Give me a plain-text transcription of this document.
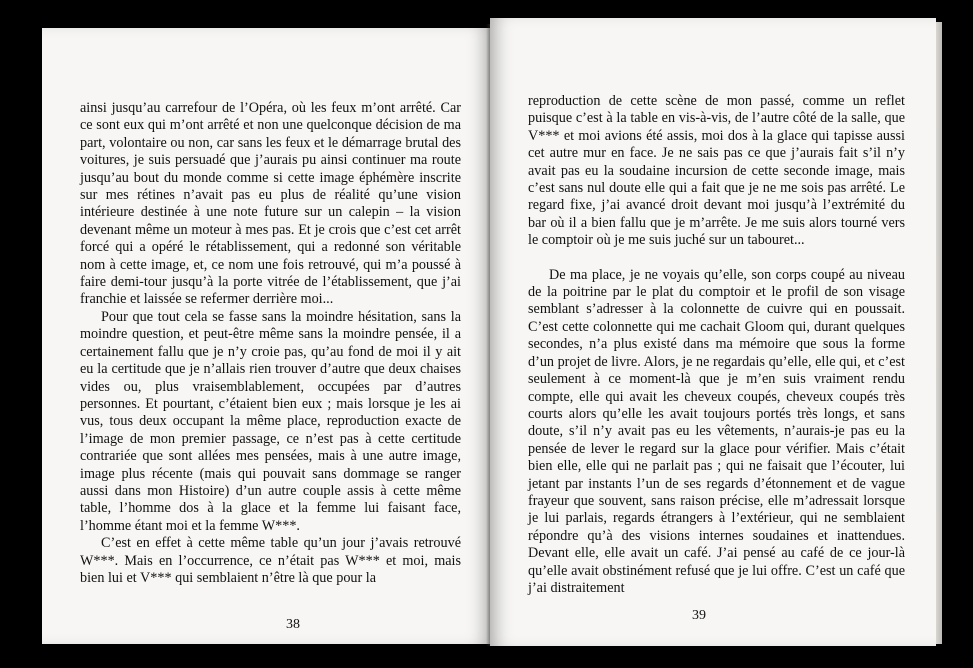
ainsi jusqu’au carrefour de l’Opéra, où les feux m’ont arrêté. Car ce sont eux qui m’ont arrêté et non une quelconque décision de ma part, volontaire ou non, car sans les feux et le démarrage brutal des voitures, je suis persuadé que j’aurais pu ainsi continuer ma route jusqu’au bout du monde comme si cette image éphémère inscrite sur mes rétines n’avait pas eu plus de réalité qu’une vision intérieure destinée à une note future sur un calepin – la vision devenant même un moteur à mes pas. Et je crois que c’est cet arrêt forcé qui a opéré le rétablissement, qui a redonné son véritable nom à cette image, et, ce nom une fois retrouvé, qui m’a poussé à faire demi-tour jusqu’à la porte vitrée de l’établissement, que j’ai franchie et laissée se refermer derrière moi...

Pour que tout cela se fasse sans la moindre hésitation, sans la moindre question, et peut-être même sans la moindre pensée, il a certainement fallu que je n’y croie pas, qu’au fond de moi il y ait eu la certitude que je n’allais rien trouver d’autre que deux chaises vides ou, plus vraisemblablement, occupées par d’autres personnes. Et pourtant, c’étaient bien eux ; mais lorsque je les ai vus, tous deux occupant la même place, reproduction exacte de l’image de mon premier passage, ce n’est pas à cette certitude contrariée que sont allées mes pensées, mais à une autre image, image plus récente (mais qui pouvait sans dommage se ranger aussi dans mon Histoire) d’un autre couple assis à cette même table, l’homme dos à la glace et la femme lui faisant face, l’homme étant moi et la femme W***.

C’est en effet à cette même table qu’un jour j’avais retrouvé W***. Mais en l’occurrence, ce n’était pas W*** et moi, mais bien lui et V*** qui semblaient n’être là que pour la

38

reproduction de cette scène de mon passé, comme un reflet puisque c’est à la table en vis-à-vis, de l’autre côté de la salle, que V*** et moi avions été assis, moi dos à la glace qui tapisse aussi cet autre mur en face. Je ne sais pas ce que j’aurais fait s’il n’y avait pas eu la soudaine incursion de cette seconde image, mais c’est sans nul doute elle qui a fait que je ne me sois pas arrêté. Le regard fixe, j’ai avancé droit devant moi jusqu’à l’extrémité du bar où il a bien fallu que je m’arrête. Je me suis alors tourné vers le comptoir où je me suis juché sur un tabouret...

De ma place, je ne voyais qu’elle, son corps coupé au niveau de la poitrine par le plat du comptoir et le profil de son visage semblant s’adresser à la colonnette de cuivre qui en poussait. C’est cette colonnette qui me cachait Gloom qui, durant quelques secondes, n’a plus existé dans ma mémoire que sous la forme d’un projet de livre. Alors, je ne regardais qu’elle, elle qui, et c’est seulement à ce moment-là que je m’en suis vraiment rendu compte, elle qui avait les cheveux coupés, cheveux coupés très courts alors qu’elle les avait toujours portés très longs, et sans doute, s’il n’y avait pas eu les vêtements, n’aurais-je pas eu la pensée de lever le regard sur la glace pour vérifier. Mais c’était bien elle, elle qui ne parlait pas ; qui ne faisait que l’écouter, lui jetant par instants l’un de ses regards d’étonnement et de vague frayeur que souvent, sans raison précise, elle m’adressait lorsque je lui parlais, regards étrangers à l’extérieur, qui ne semblaient répondre qu’à des visions internes soudaines et inattendues. Devant elle, elle avait un café. J’ai pensé au café de ce jour-là qu’elle avait obstinément refusé que je lui offre. C’est un café que j’ai distraitement

39
